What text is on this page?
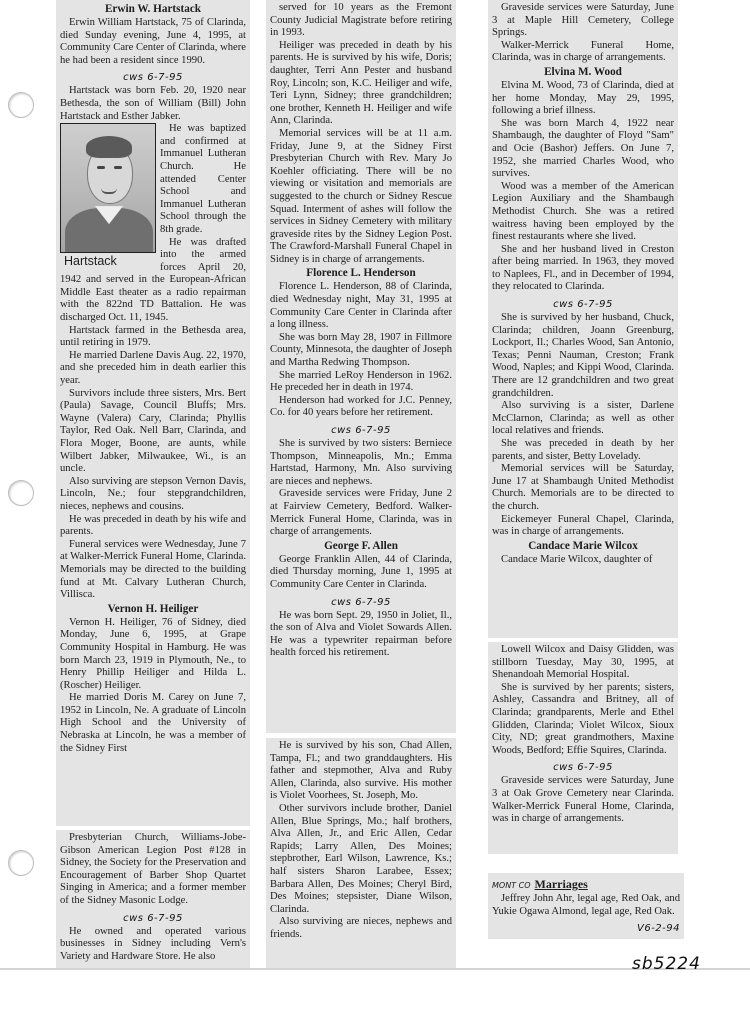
Erwin W. Hartstack

Erwin William Hartstack, 75 of Clarinda, died Sunday evening, June 4, 1995, at Community Care Center of Clarinda, where he had been a resident since 1990.

cws 6-7-95

Hartstack was born Feb. 20, 1920 near Bethesda, the son of William (Bill) John Hartstack and Esther Jabker.

Hartstack

He was baptized and confirmed at Immanuel Lutheran Church. He attended Center School and Immanuel Lutheran School through the 8th grade.

He was drafted into the armed forces April 20, 1942 and served in the European-African Middle East theater as a radio repairman with the 822nd TD Battalion. He was discharged Oct. 11, 1945.

Hartstack farmed in the Bethesda area, until retiring in 1979.

He married Darlene Davis Aug. 22, 1970, and she preceded him in death earlier this year.

Survivors include three sisters, Mrs. Bert (Paula) Savage, Council Bluffs; Mrs. Wayne (Valera) Cary, Clarinda; Phyllis Taylor, Red Oak. Nell Barr, Clarinda, and Flora Moger, Boone, are aunts, while Wilbert Jabker, Milwaukee, Wi., is an uncle.

Also surviving are stepson Vernon Davis, Lincoln, Ne.; four stepgrandchildren, nieces, nephews and cousins.

He was preceded in death by his wife and parents.

Funeral services were Wednesday, June 7 at Walker-Merrick Funeral Home, Clarinda. Memorials may be directed to the building fund at Mt. Calvary Lutheran Church, Villisca.

Vernon H. Heiliger

Vernon H. Heiliger, 76 of Sidney, died Monday, June 6, 1995, at Grape Community Hospital in Hamburg. He was born March 23, 1919 in Plymouth, Ne., to Henry Phillip Heiliger and Hilda L. (Roscher) Heiliger.

He married Doris M. Carey on June 7, 1952 in Lincoln, Ne. A graduate of Lincoln High School and the University of Nebraska at Lincoln, he was a member of the Sidney First

Presbyterian Church, Williams-Jobe-Gibson American Legion Post #128 in Sidney, the Society for the Preservation and Encouragement of Barber Shop Quartet Singing in America; and a former member of the Sidney Masonic Lodge.

cws 6-7-95

He owned and operated various businesses in Sidney including Vern's Variety and Hardware Store. He also

served for 10 years as the Fremont County Judicial Magistrate before retiring in 1993.

Heiliger was preceded in death by his parents. He is survived by his wife, Doris; daughter, Terri Ann Pester and husband Roy, Lincoln; son, K.C. Heiliger and wife, Teri Lynn, Sidney; three grandchildren; one brother, Kenneth H. Heiliger and wife Ann, Clarinda.

Memorial services will be at 11 a.m. Friday, June 9, at the Sidney First Presbyterian Church with Rev. Mary Jo Koehler officiating. There will be no viewing or visitation and memorials are suggested to the church or Sidney Rescue Squad. Interment of ashes will follow the services in Sidney Cemetery with military graveside rites by the Sidney Legion Post. The Crawford-Marshall Funeral Chapel in Sidney is in charge of arrangements.

Florence L. Henderson

Florence L. Henderson, 88 of Clarinda, died Wednesday night, May 31, 1995 at Community Care Center in Clarinda after a long illness.

She was born May 28, 1907 in Fillmore County, Minnesota, the daughter of Joseph and Martha Redwing Thompson.

She married LeRoy Henderson in 1962. He preceded her in death in 1974.

Henderson had worked for J.C. Penney, Co. for 40 years before her retirement.

cws 6-7-95

She is survived by two sisters: Berniece Thompson, Minneapolis, Mn.; Emma Hartstad, Harmony, Mn. Also surviving are nieces and nephews.

Graveside services were Friday, June 2 at Fairview Cemetery, Bedford. Walker-Merrick Funeral Home, Clarinda, was in charge of arrangements.

George F. Allen

George Franklin Allen, 44 of Clarinda, died Thursday morning, June 1, 1995 at Community Care Center in Clarinda.

cws 6-7-95

He was born Sept. 29, 1950 in Joliet, Il., the son of Alva and Violet Sowards Allen. He was a typewriter repairman before health forced his retirement.

He is survived by his son, Chad Allen, Tampa, Fl.; and two granddaughters. His father and stepmother, Alva and Ruby Allen, Clarinda, also survive. His mother is Violet Voorhees, St. Joseph, Mo.

Other survivors include brother, Daniel Allen, Blue Springs, Mo.; half brothers, Alva Allen, Jr., and Eric Allen, Cedar Rapids; Larry Allen, Des Moines; stepbrother, Earl Wilson, Lawrence, Ks.; half sisters Sharon Larabee, Essex; Barbara Allen, Des Moines; Cheryl Bird, Des Moines; stepsister, Diane Wilson, Clarinda.

Also surviving are nieces, nephews and friends.

Graveside services were Saturday, June 3 at Maple Hill Cemetery, College Springs.

Walker-Merrick Funeral Home, Clarinda, was in charge of arrangements.

Elvina M. Wood

Elvina M. Wood, 73 of Clarinda, died at her home Monday, May 29, 1995, following a brief illness.

She was born March 4, 1922 near Shambaugh, the daughter of Floyd "Sam" and Ocie (Bashor) Jeffers. On June 7, 1952, she married Charles Wood, who survives.

Wood was a member of the American Legion Auxiliary and the Shambaugh Methodist Church. She was a retired waitress having been employed by the finest restaurants where she lived.

She and her husband lived in Creston after being married. In 1963, they moved to Naplees, Fl., and in December of 1994, they relocated to Clarinda.

cws 6-7-95

She is survived by her husband, Chuck, Clarinda; children, Joann Greenburg, Lockport, Il.; Charles Wood, San Antonio, Texas; Penni Nauman, Creston; Frank Wood, Naples; and Kippi Wood, Clarinda. There are 12 grandchildren and two great grandchildren.

Also surviving is a sister, Darlene McClarnon, Clarinda; as well as other local relatives and friends.

She was preceded in death by her parents, and sister, Betty Lovelady.

Memorial services will be Saturday, June 17 at Shambaugh United Methodist Church. Memorials are to be directed to the church.

Eickemeyer Funeral Chapel, Clarinda, was in charge of arrangements.

Candace Marie Wilcox

Candace Marie Wilcox, daughter of

Lowell Wilcox and Daisy Glidden, was stillborn Tuesday, May 30, 1995, at Shenandoah Memorial Hospital.

She is survived by her parents; sisters, Ashley, Cassandra and Britney, all of Clarinda; grandparents, Merle and Ethel Glidden, Clarinda; Violet Wilcox, Sioux City, ND; great grandmothers, Maxine Woods, Bedford; Effie Squires, Clarinda.

cws 6-7-95

Graveside services were Saturday, June 3 at Oak Grove Cemetery near Clarinda. Walker-Merrick Funeral Home, Clarinda, was in charge of arrangements.

MONT CO Marriages

Jeffrey John Ahr, legal age, Red Oak, and Yukie Ogawa Almond, legal age, Red Oak.

V6-2-94
sb5224
